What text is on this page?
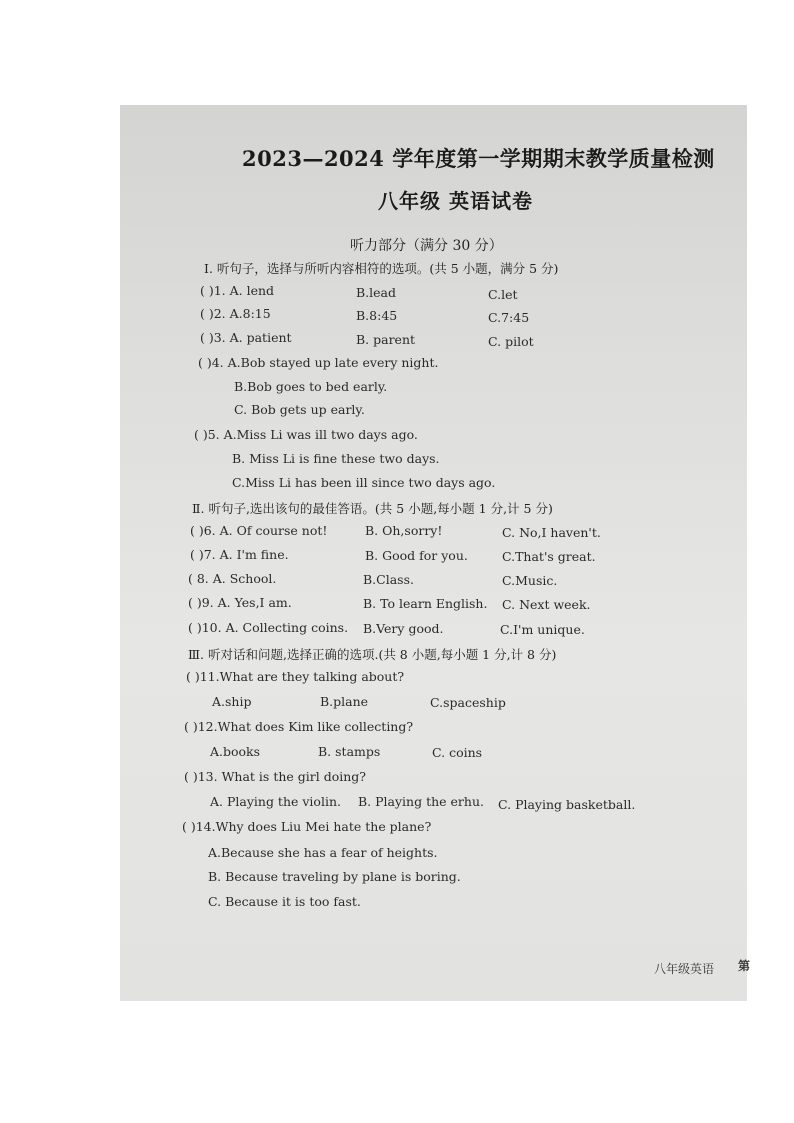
2023—2024 学年度第一学期期末教学质量检测
八年级 英语试卷
听力部分（满分 30 分）
Ⅰ. 听句子，选择与所听内容相符的选项。(共 5 小题，满分 5 分)
( )1. A. lend	B.lead	C.let
( )2. A.8:15	B.8:45	C.7:45
( )3. A. patient	B. parent	C. pilot
( )4. A.Bob stayed up late every night.
B.Bob goes to bed early.
C. Bob gets up early.
( )5. A.Miss Li was ill two days ago.
B. Miss Li is fine these two days.
C.Miss Li has been ill since two days ago.
Ⅱ. 听句子,选出该句的最佳答语。(共 5 小题,每小题 1 分,计 5 分)
( )6. A. Of course not!	B. Oh,sorry!	C. No,I haven't.
( )7. A. I'm fine.	B. Good for you.	C.That's great.
( 8. A. School.	B.Class.	C.Music.
( )9. A. Yes,I am.	B. To learn English. C. Next week.
( )10. A. Collecting coins. B.Very good.	C.I'm unique.
Ⅲ. 听对话和问题,选择正确的选项.(共 8 小题,每小题 1 分,计 8 分)
( )11.What are they talking about?
A.ship	B.plane	C.spaceship
( )12.What does Kim like collecting?
A.books	B. stamps	C. coins
( )13. What is the girl doing?
A. Playing the violin. B. Playing the erhu. C. Playing basketball.
( )14.Why does Liu Mei hate the plane?
A.Because she has a fear of heights.
B. Because traveling by plane is boring.
C. Because it is too fast.
八年级英语 第
